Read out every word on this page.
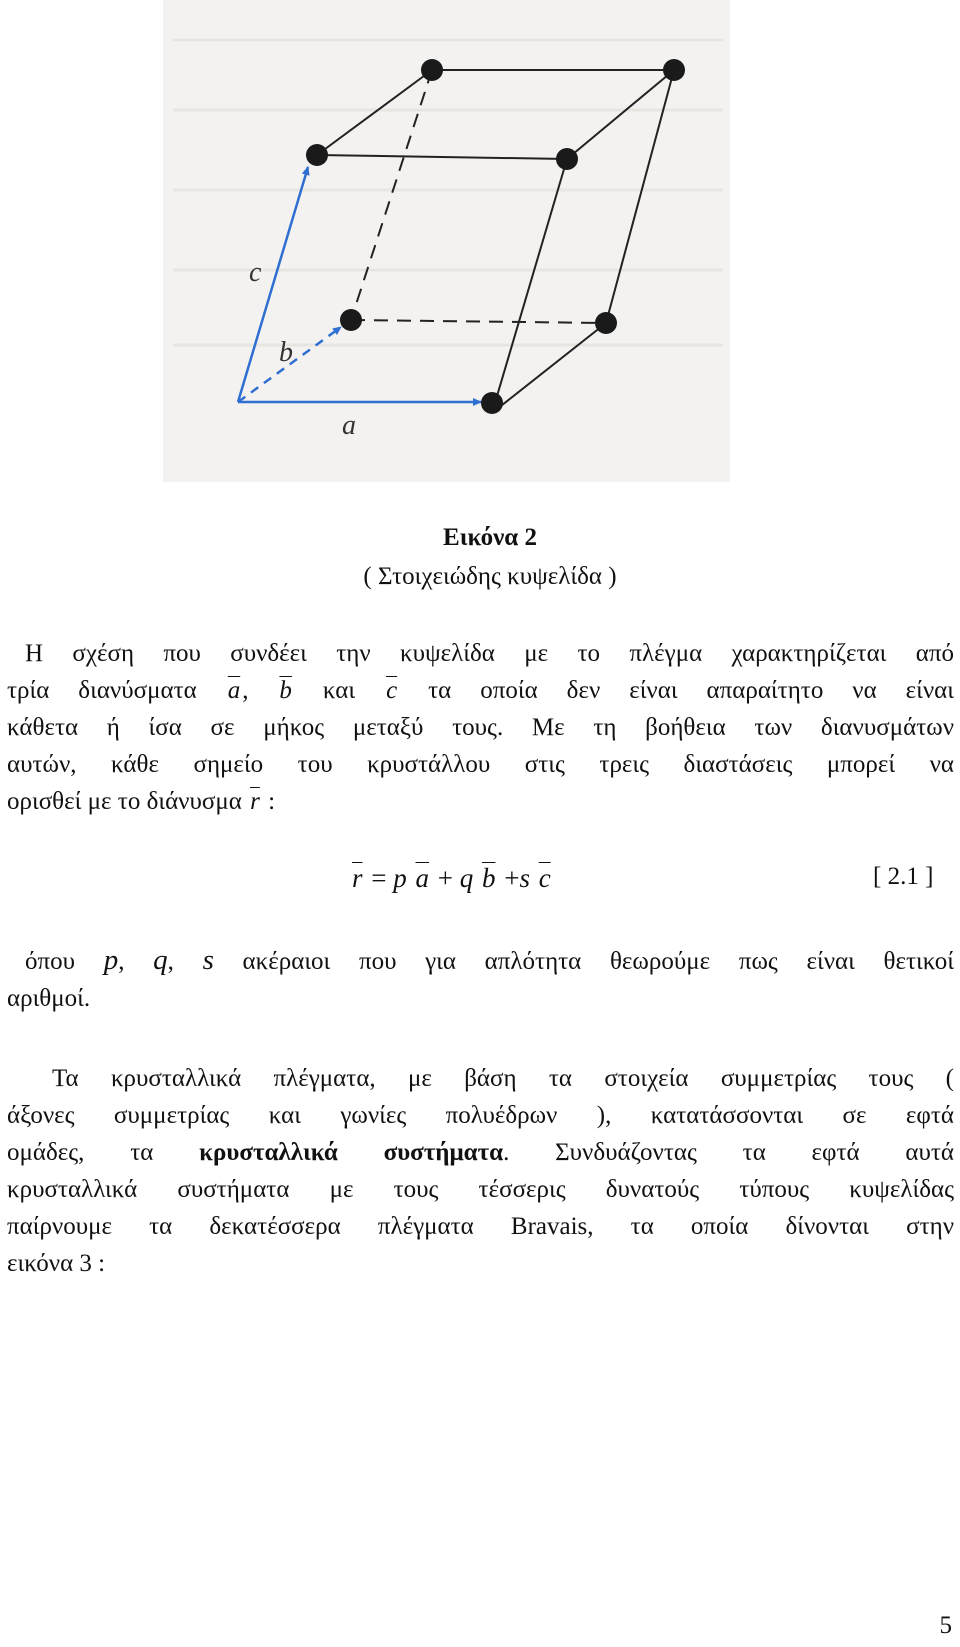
a
b
c
Εικόνα 2
( Στοιχειώδης κυψελίδα )
Η σχέση που συνδέει την κυψελίδα με το πλέγμα χαρακτηρίζεται από
τρία διανύσματα $\overline{a}$, $\overline{b}$ και $\overline{c}$ τα οποία δεν είναι απαραίτητο να είναι
κάθετα ή ίσα σε μήκος μεταξύ τους. Με τη βοήθεια των διανυσμάτων
αυτών, κάθε σημείο του κρυστάλλου στις τρεις διαστάσεις μπορεί να
ορισθεί με το διάνυσμα $\overline{r}$ :
$\overline{r} = p$ $\overline{a} + q$ $\overline{b} +s$ $\overline{c}$	[ 2.1 ]
όπου p, q, s ακέραιοι που για απλότητα θεωρούμε πως είναι θετικοί
αριθμοί.
Τα κρυσταλλικά πλέγματα, με βάση τα στοιχεία συμμετρίας τους (
άξονες συμμετρίας και γωνίες πολυέδρων ), κατατάσσονται σε εφτά
ομάδες, τα κρυσταλλικά συστήματα. Συνδυάζοντας τα εφτά αυτά
κρυσταλλικά συστήματα με τους τέσσερις δυνατούς τύπους κυψελίδας
παίρνουμε τα δεκατέσσερα πλέγματα Bravais, τα οποία δίνονται στην
εικόνα 3 :
5
